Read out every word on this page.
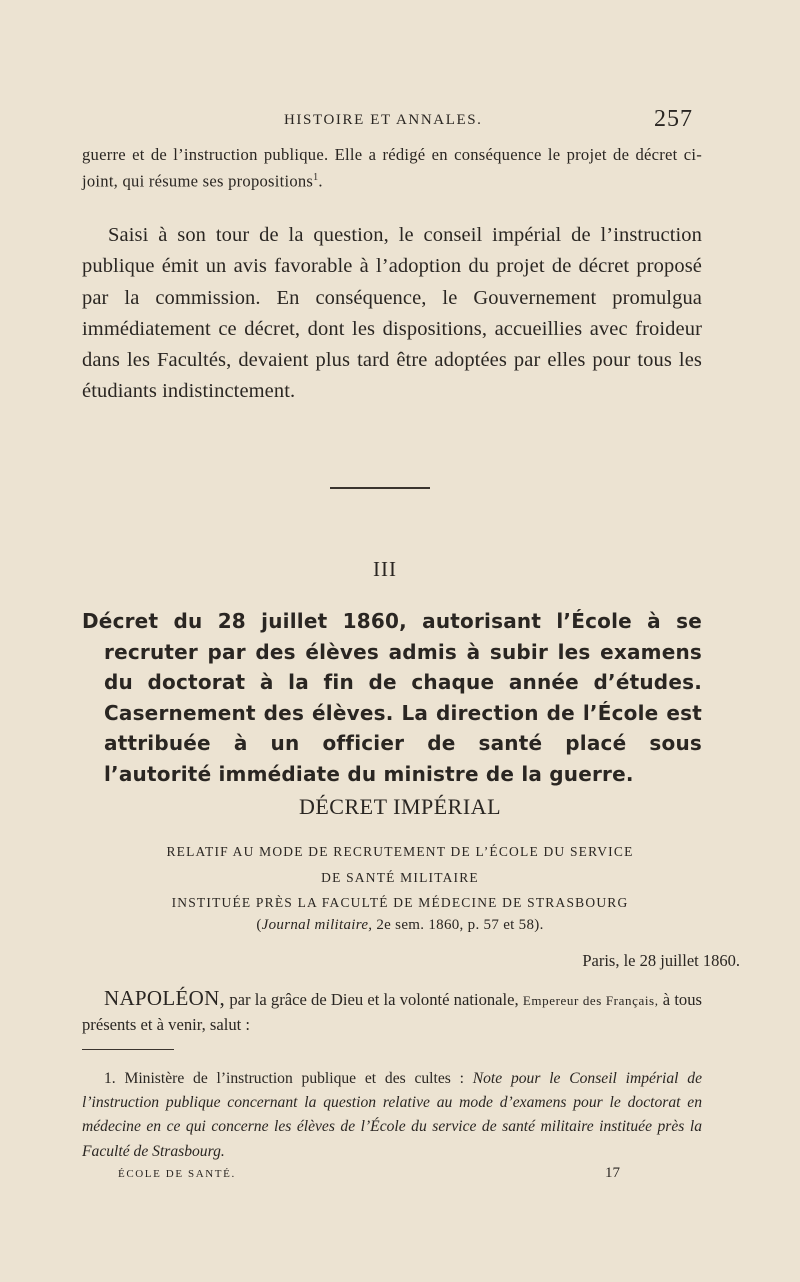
HISTOIRE ET ANNALES.	257

guerre et de l’instruction publique. Elle a rédigé en conséquence le projet de décret ci-joint, qui résume ses propositions$^1$.

Saisi à son tour de la question, le conseil impérial de l’instruction publique émit un avis favorable à l’adoption du projet de décret proposé par la commission. En conséquence, le Gouvernement promulgua immédiatement ce décret, dont les dispositions, accueillies avec froideur dans les Facultés, devaient plus tard être adoptées par elles pour tous les étudiants indistinctement.

III

Décret du 28 juillet 1860, autorisant l’École à se recruter par des élèves admis à subir les examens du doctorat à la fin de chaque année d’études. Casernement des élèves. La direction de l’École est attribuée à un officier de santé placé sous l’autorité immédiate du ministre de la guerre.

DÉCRET IMPÉRIAL
RELATIF AU MODE DE RECRUTEMENT DE L’ÉCOLE DU SERVICE
DE SANTÉ MILITAIRE
INSTITUÉE PRÈS LA FACULTÉ DE MÉDECINE DE STRASBOURG
(Journal militaire, 2e sem. 1860, p. 57 et 58).
Paris, le 28 juillet 1860.

NAPOLÉON, par la grâce de Dieu et la volonté nationale, Empereur des Français, à tous présents et à venir, salut :

1. Ministère de l’instruction publique et des cultes : Note pour le Conseil impérial de l’instruction publique concernant la question relative au mode d’examens pour le doctorat en médecine en ce qui concerne les élèves de l’École du service de santé militaire instituée près la Faculté de Strasbourg.

ÉCOLE DE SANTÉ.	17
